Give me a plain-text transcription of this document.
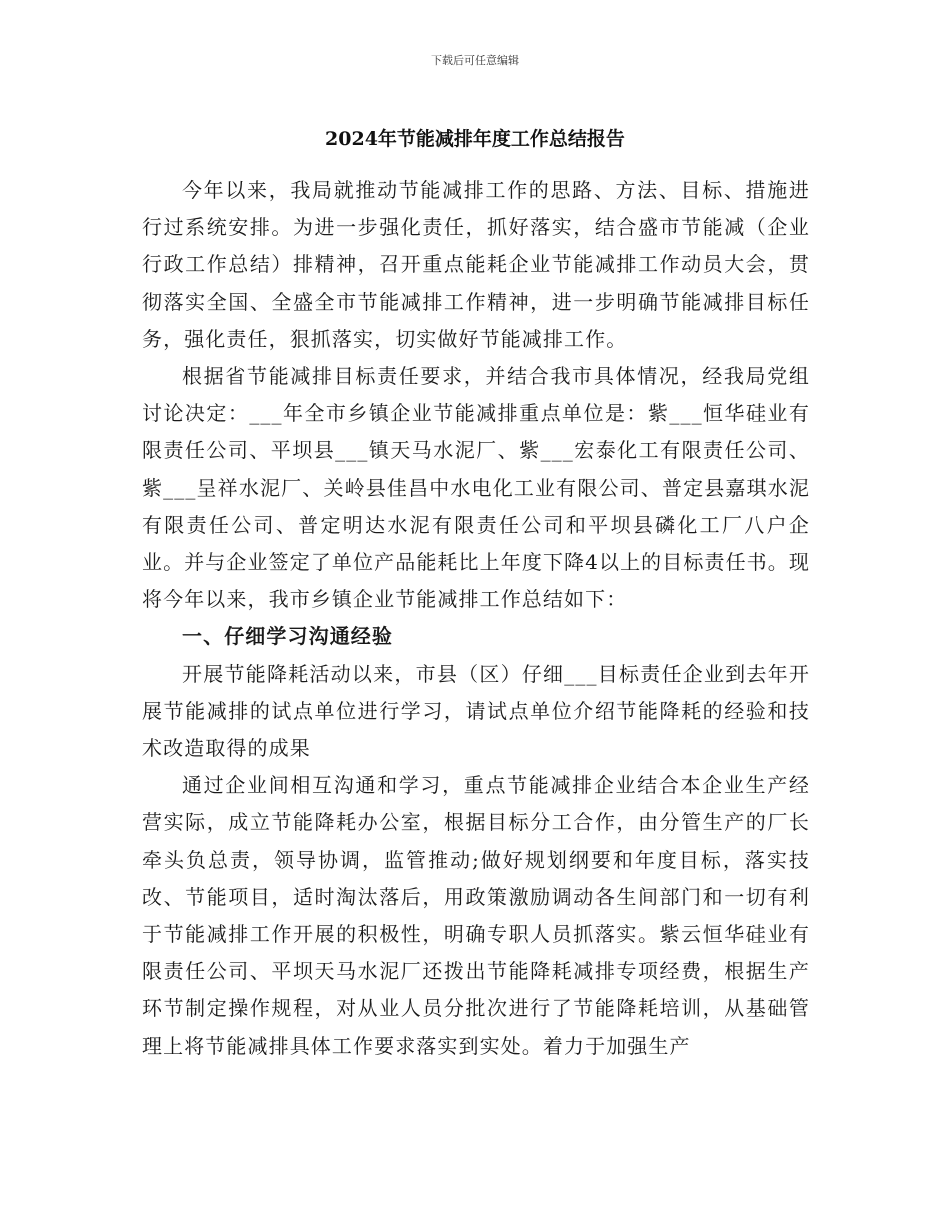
下载后可任意编辑
2024年节能减排年度工作总结报告

今年以来，我局就推动节能减排工作的思路、方法、目标、措施进行过系统安排。为进一步强化责任，抓好落实，结合盛市节能减（企业行政工作总结）排精神，召开重点能耗企业节能减排工作动员大会，贯彻落实全国、全盛全市节能减排工作精神，进一步明确节能减排目标任务，强化责任，狠抓落实，切实做好节能减排工作。

根据省节能减排目标责任要求，并结合我市具体情况，经我局党组讨论决定：___年全市乡镇企业节能减排重点单位是：紫___恒华硅业有限责任公司、平坝县___镇天马水泥厂、紫___宏泰化工有限责任公司、紫___呈祥水泥厂、关岭县佳昌中水电化工业有限公司、普定县嘉琪水泥有限责任公司、普定明达水泥有限责任公司和平坝县磷化工厂八户企业。并与企业签定了单位产品能耗比上年度下降4以上的目标责任书。现将今年以来，我市乡镇企业节能减排工作总结如下：

一、仔细学习沟通经验

开展节能降耗活动以来，市县（区）仔细___目标责任企业到去年开展节能减排的试点单位进行学习，请试点单位介绍节能降耗的经验和技术改造取得的成果

通过企业间相互沟通和学习，重点节能减排企业结合本企业生产经营实际，成立节能降耗办公室，根据目标分工合作，由分管生产的厂长牵头负总责，领导协调，监管推动;做好规划纲要和年度目标，落实技改、节能项目，适时淘汰落后，用政策激励调动各生间部门和一切有利于节能减排工作开展的积极性，明确专职人员抓落实。紫云恒华硅业有限责任公司、平坝天马水泥厂还拨出节能降耗减排专项经费，根据生产环节制定操作规程，对从业人员分批次进行了节能降耗培训，从基础管理上将节能减排具体工作要求落实到实处。着力于加强生产
